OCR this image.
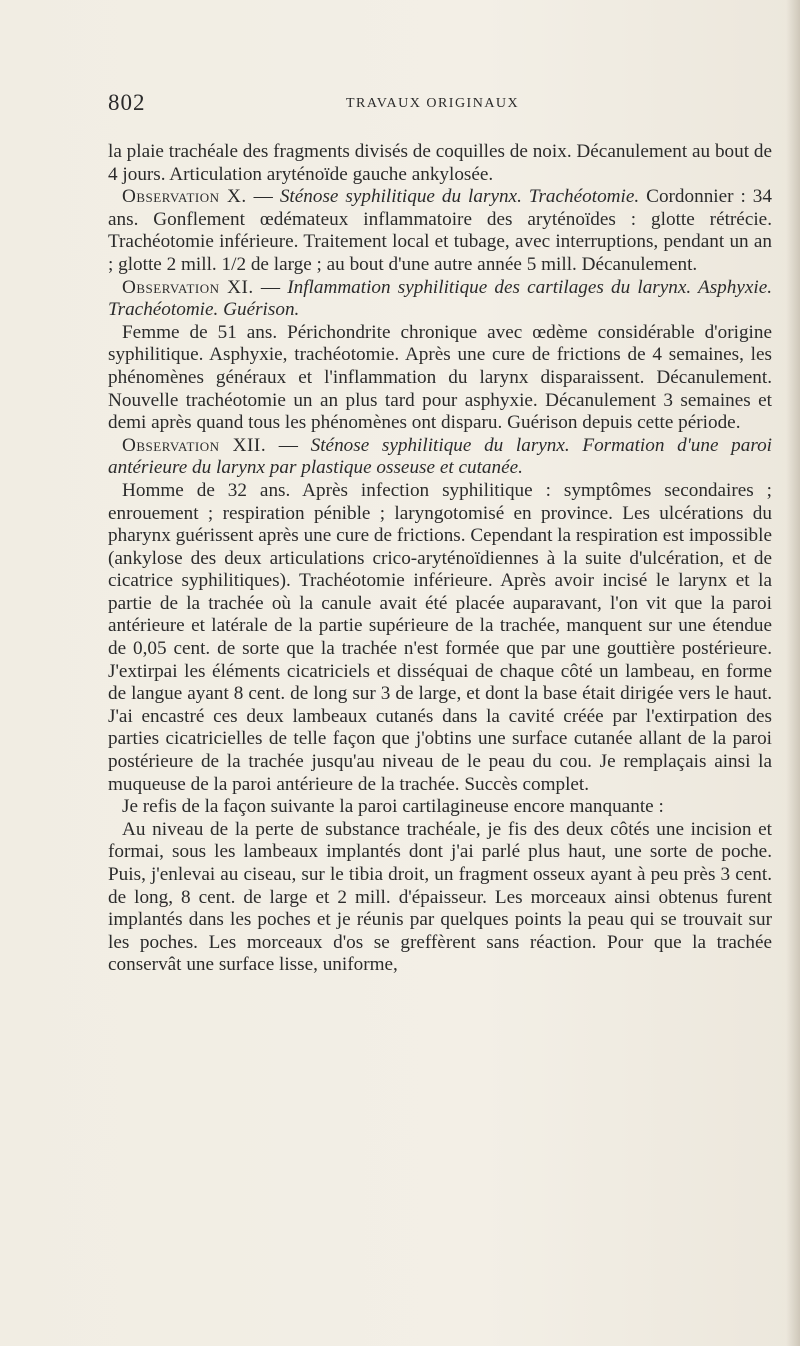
802	TRAVAUX ORIGINAUX

la plaie trachéale des fragments divisés de coquilles de noix. Décanulement au bout de 4 jours. Articulation aryténoïde gauche ankylosée.

Observation X. — Sténose syphilitique du larynx. Trachéotomie. Cordonnier : 34 ans. Gonflement œdémateux inflammatoire des aryténoïdes : glotte rétrécie. Trachéotomie inférieure. Traitement local et tubage, avec interruptions, pendant un an ; glotte 2 mill. 1/2 de large ; au bout d'une autre année 5 mill. Décanulement.

Observation XI. — Inflammation syphilitique des cartilages du larynx. Asphyxie. Trachéotomie. Guérison.

Femme de 51 ans. Périchondrite chronique avec œdème considérable d'origine syphilitique. Asphyxie, trachéotomie. Après une cure de frictions de 4 semaines, les phénomènes généraux et l'inflammation du larynx disparaissent. Décanulement. Nouvelle trachéotomie un an plus tard pour asphyxie. Décanulement 3 semaines et demi après quand tous les phénomènes ont disparu. Guérison depuis cette période.

Observation XII. — Sténose syphilitique du larynx. Formation d'une paroi antérieure du larynx par plastique osseuse et cutanée.

Homme de 32 ans. Après infection syphilitique : symptômes secondaires ; enrouement ; respiration pénible ; laryngotomisé en province. Les ulcérations du pharynx guérissent après une cure de frictions. Cependant la respiration est impossible (ankylose des deux articulations crico-aryténoïdiennes à la suite d'ulcération, et de cicatrice syphilitiques). Trachéotomie inférieure. Après avoir incisé le larynx et la partie de la trachée où la canule avait été placée auparavant, l'on vit que la paroi antérieure et latérale de la partie supérieure de la trachée, manquent sur une étendue de 0,05 cent. de sorte que la trachée n'est formée que par une gouttière postérieure. J'extirpai les éléments cicatriciels et disséquai de chaque côté un lambeau, en forme de langue ayant 8 cent. de long sur 3 de large, et dont la base était dirigée vers le haut. J'ai encastré ces deux lambeaux cutanés dans la cavité créée par l'extirpation des parties cicatricielles de telle façon que j'obtins une surface cutanée allant de la paroi postérieure de la trachée jusqu'au niveau de le peau du cou. Je remplaçais ainsi la muqueuse de la paroi antérieure de la trachée. Succès complet.

Je refis de la façon suivante la paroi cartilagineuse encore manquante :

Au niveau de la perte de substance trachéale, je fis des deux côtés une incision et formai, sous les lambeaux implantés dont j'ai parlé plus haut, une sorte de poche. Puis, j'enlevai au ciseau, sur le tibia droit, un fragment osseux ayant à peu près 3 cent. de long, 8 cent. de large et 2 mill. d'épaisseur. Les morceaux ainsi obtenus furent implantés dans les poches et je réunis par quelques points la peau qui se trouvait sur les poches. Les morceaux d'os se greffèrent sans réaction. Pour que la trachée conservât une surface lisse, uniforme,
